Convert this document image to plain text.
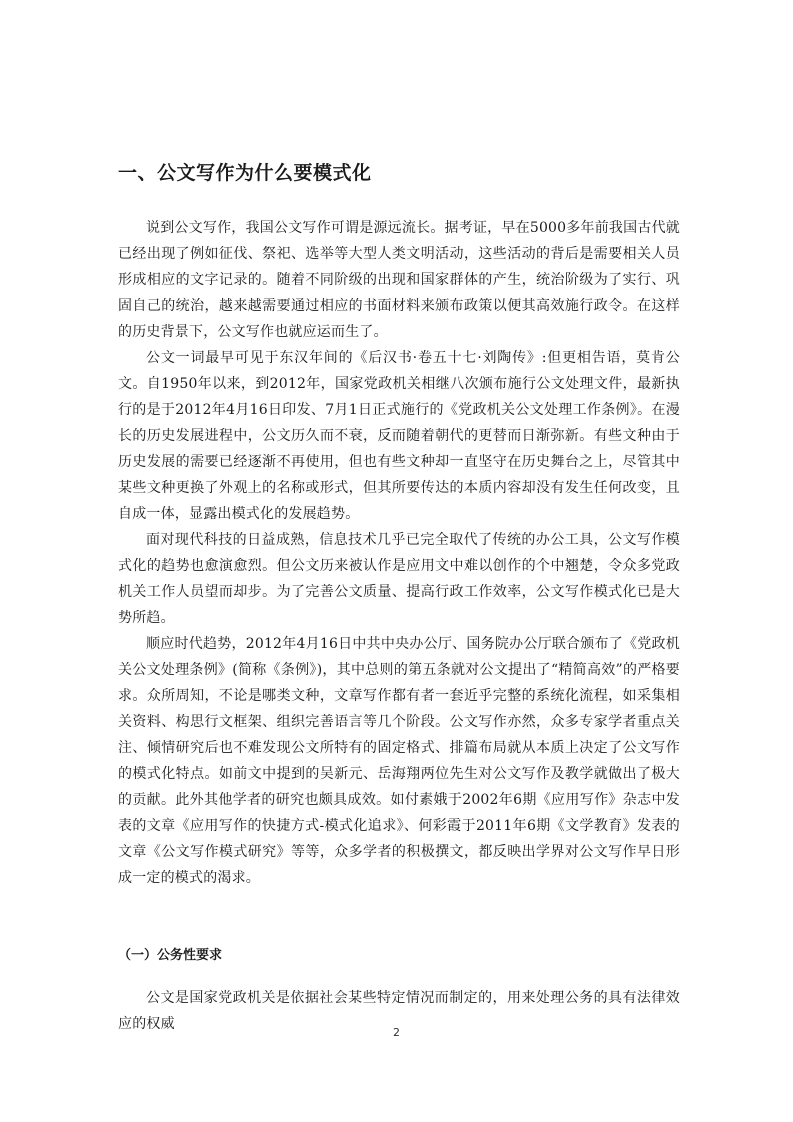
一、公文写作为什么要模式化

说到公文写作，我国公文写作可谓是源远流长。据考证，早在5000多年前我国古代就已经出现了例如征伐、祭祀、选举等大型人类文明活动，这些活动的背后是需要相关人员形成相应的文字记录的。随着不同阶级的出现和国家群体的产生，统治阶级为了实行、巩固自己的统治，越来越需要通过相应的书面材料来颁布政策以便其高效施行政令。在这样的历史背景下，公文写作也就应运而生了。

公文一词最早可见于东汉年间的《后汉书·卷五十七·刘陶传》:但更相告语，莫肯公文。自1950年以来，到2012年，国家党政机关相继八次颁布施行公文处理文件，最新执行的是于2012年4月16日印发、7月1日正式施行的《党政机关公文处理工作条例》。在漫长的历史发展进程中，公文历久而不衰，反而随着朝代的更替而日渐弥新。有些文种由于历史发展的需要已经逐渐不再使用，但也有些文种却一直坚守在历史舞台之上，尽管其中某些文种更换了外观上的名称或形式，但其所要传达的本质内容却没有发生任何改变，且自成一体，显露出模式化的发展趋势。

面对现代科技的日益成熟，信息技术几乎已完全取代了传统的办公工具，公文写作模式化的趋势也愈演愈烈。但公文历来被认作是应用文中难以创作的个中翘楚，令众多党政机关工作人员望而却步。为了完善公文质量、提高行政工作效率，公文写作模式化已是大势所趋。

顺应时代趋势，2012年4月16日中共中央办公厅、国务院办公厅联合颁布了《党政机关公文处理条例》(简称《条例》)，其中总则的第五条就对公文提出了“精简高效”的严格要求。众所周知，不论是哪类文种，文章写作都有者一套近乎完整的系统化流程，如采集相关资料、构思行文框架、组织完善语言等几个阶段。公文写作亦然，众多专家学者重点关注、倾情研究后也不难发现公文所特有的固定格式、排篇布局就从本质上决定了公文写作的模式化特点。如前文中提到的吴新元、岳海翔两位先生对公文写作及教学就做出了极大的贡献。此外其他学者的研究也颇具成效。如付素娥于2002年6期《应用写作》杂志中发表的文章《应用写作的快捷方式-模式化追求》、何彩霞于2011年6期《文学教育》发表的文章《公文写作模式研究》等等，众多学者的积极撰文，都反映出学界对公文写作早日形成一定的模式的渴求。

（一）公务性要求

公文是国家党政机关是依据社会某些特定情况而制定的，用来处理公务的具有法律效应的权威

2
